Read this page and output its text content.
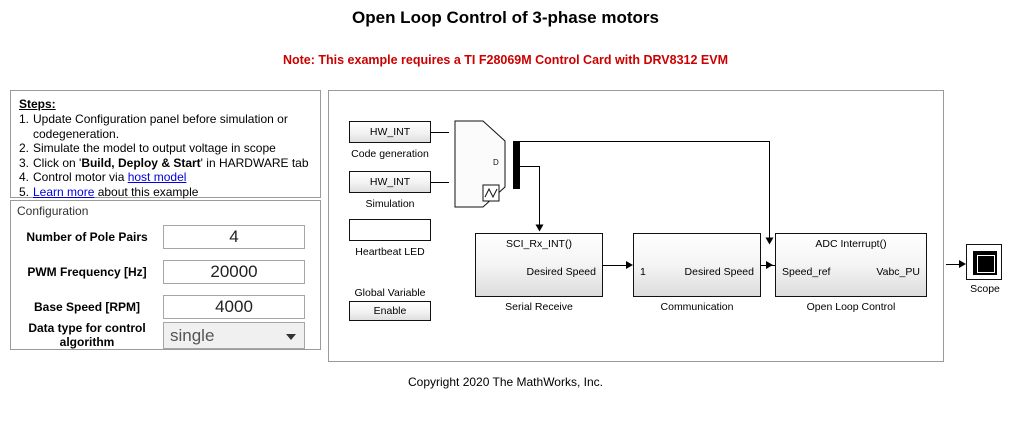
Open Loop Control of 3-phase motors
Note: This example requires a TI F28069M Control Card with DRV8312 EVM
Steps:
1. Update Configuration panel before simulation or codegeneration.
2. Simulate the model to output voltage in scope
3. Click on 'Build, Deploy & Start' in HARDWARE tab
4. Control motor via host model
5. Learn more about this example
Configuration
Number of Pole Pairs	4
PWM Frequency [Hz]	20000
Base Speed [RPM]	4000
Data type for control algorithm	single
HW_INT
Code generation
HW_INT
Simulation
Heartbeat LED
Global Variable
Enable
D
SCI_Rx_INT()
Desired Speed
Serial Receive
1	Desired Speed
Communication
ADC Interrupt()
Speed_ref	Vabc_PU
Open Loop Control
Scope
Copyright 2020 The MathWorks, Inc.
